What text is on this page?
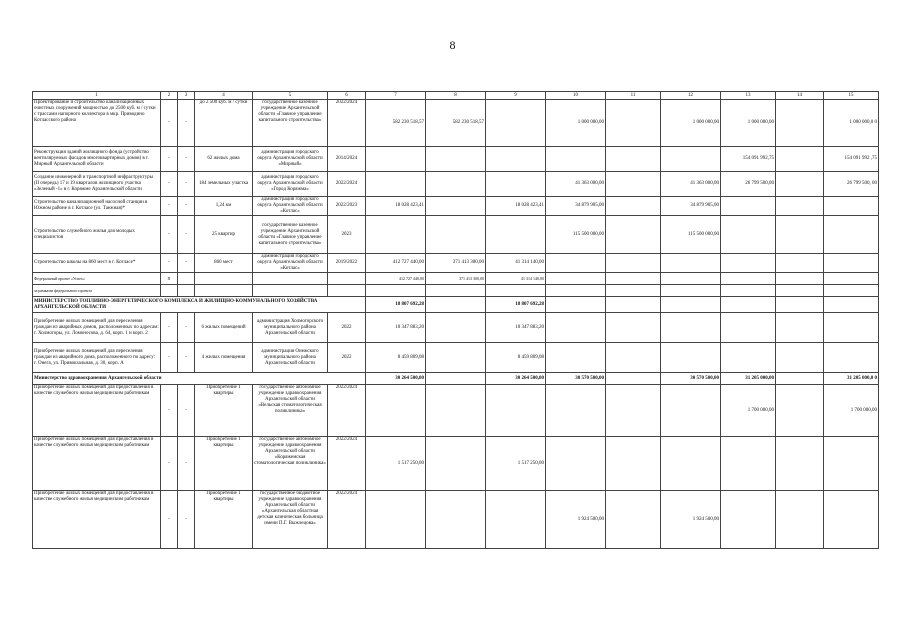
8
1	2	3	4	5	6	7	8	9	10	11	12	13	14	15
Проектирование и строительство канализационных очистных сооружений мощностью до 2500 куб. м / сутки с трассами напорного коллектора в мкр. Приводино Котласского района	-	-	до 2 500 куб. м / сутки	государственное казенное учреждение Архангельской области «Главное управление капитального строительства»	2022/2024	582 230 518,57	582 230 518,57		1 000 000,00		1 000 000,00	1 000 000,00		1 000 000,0 0
Реконструкция зданий жилищного фонда (устройство вентилируемых фасадов многоквартирных домов) в г. Мирный Архангельской области	-	-	62 жилых дома	администрация городского округа Архангельской области «Мирный»	2014/2024							154 091 992,75		154 091 992 ,75
Создание инженерной и транспортной инфраструктуры (II очередь) 17 и 19 кварталов жилищного участка «Зеленый -1» в г. Коряжме Архангельской области	-	-	184 земельных участка	администрация городского округа Архангельской области «Город Коряжма»	2022/2024				41 363 000,00		41 363 000,00	26 799 500,00		26 799 500, 00
Строительство канализационной насосной станции в Южном районе в г. Котласе (ул. Таежная)*	-	-	1,24 км	администрация городского округа Архангельской области «Котлас»	2022/2023	18 028 423,41		18 028 423,41	34 879 905,00		34 879 905,00			
Строительство служебного жилья для молодых специалистов	-	-	25 квартир	государственное казенное учреждение Архангельской области «Главное управление капитального строительства»	2023				115 500 000,00		115 500 000,00			
Строительство школы на 860 мест в г. Котласе*	-	-	860 мест	администрация городского округа Архангельской области «Котлас»	2019/2022	412 727 440,00	371 413 300,00	41 314 140,00						
Федеральный проект «Успех»	П					412 727 440,00	371 413 300,00	41 314 140,00						
за рамками федерального проекта														
МИНИСТЕРСТВО ТОПЛИВНО-ЭНЕРГЕТИЧЕСКОГО КОМПЛЕКСА И ЖИЛИЩНО-КОММУНАЛЬНОГО ХОЗЯЙСТВА АРХАНГЕЛЬСКОЙ ОБЛАСТИ						18 807 692,28		18 807 692,28						
Приобретение жилых помещений для переселения граждан из аварийных домов, расположенных по адресам: г. Холмогоры, ул. Ломоносова, д. 64, корп. 1 и корп. 2	-	-	6 жилых помещений	администрация Холмогорского муниципального района Архангельской области	2022	10 347 883,20		10 347 883,20						
Приобретение жилых помещений для переселения граждан из аварийного дома, расположенного по адресу: г. Онега, ул. Привокзальная, д. 30, корп. А	-	-	4 жилых помещения	администрация Онежского муниципального района Архангельской области	2022	8 459 809,08		8 459 809,08						
Министерство здравоохранения Архангельской области						30 264 500,00		30 264 500,00	30 570 500,00		30 570 500,00	31 205 000,00		31 205 000,0 0
Приобретение жилых помещений для предоставления в качестве служебного жилья медицинским работникам	-	-	Приобретение 1 квартиры	государственное автономное учреждение здравоохранения Архангельской области «Вельская стоматологическая поликлиника»	2022/2024							1 700 000,00		1 700 000,00
Приобретение жилых помещений для предоставления в качестве служебного жилья медицинским работникам	-	-	Приобретение 1 квартиры	государственное автономное учреждение здравоохранения Архангельской области «Коряжемская стоматологическая поликлиника»	2022/2024	1 517 250,00		1 517 250,00						
Приобретение жилых помещений для предоставления в качестве служебного жилья медицинским работникам	-	-	Приобретение 1 квартиры	государственное бюджетное учреждение здравоохранения Архангельской области «Архангельская областная детская клиническая больница имени П.Г. Выжлецова»	2022/2024				1 924 500,00		1 924 500,00			
